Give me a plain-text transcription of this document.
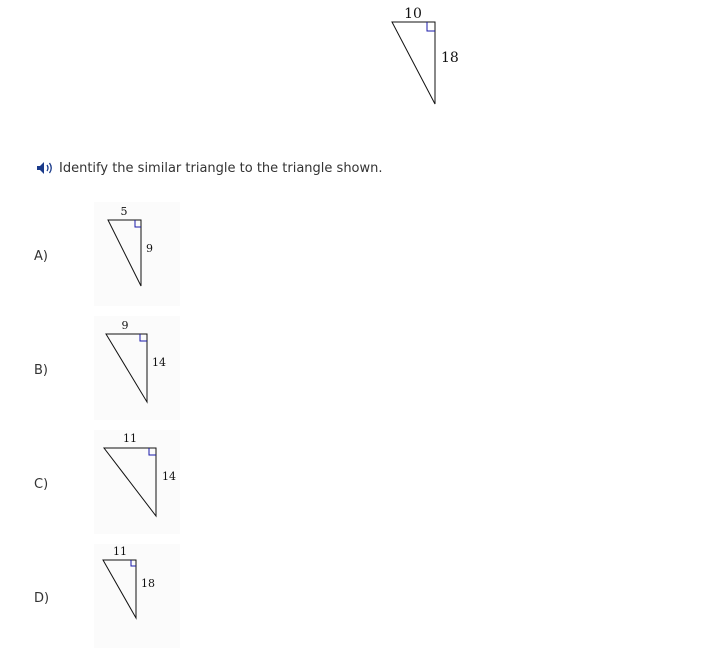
10
18
Identify the similar triangle to the triangle shown.
A)
5
9
B)
9
14
C)
11
14
D)
11
18
